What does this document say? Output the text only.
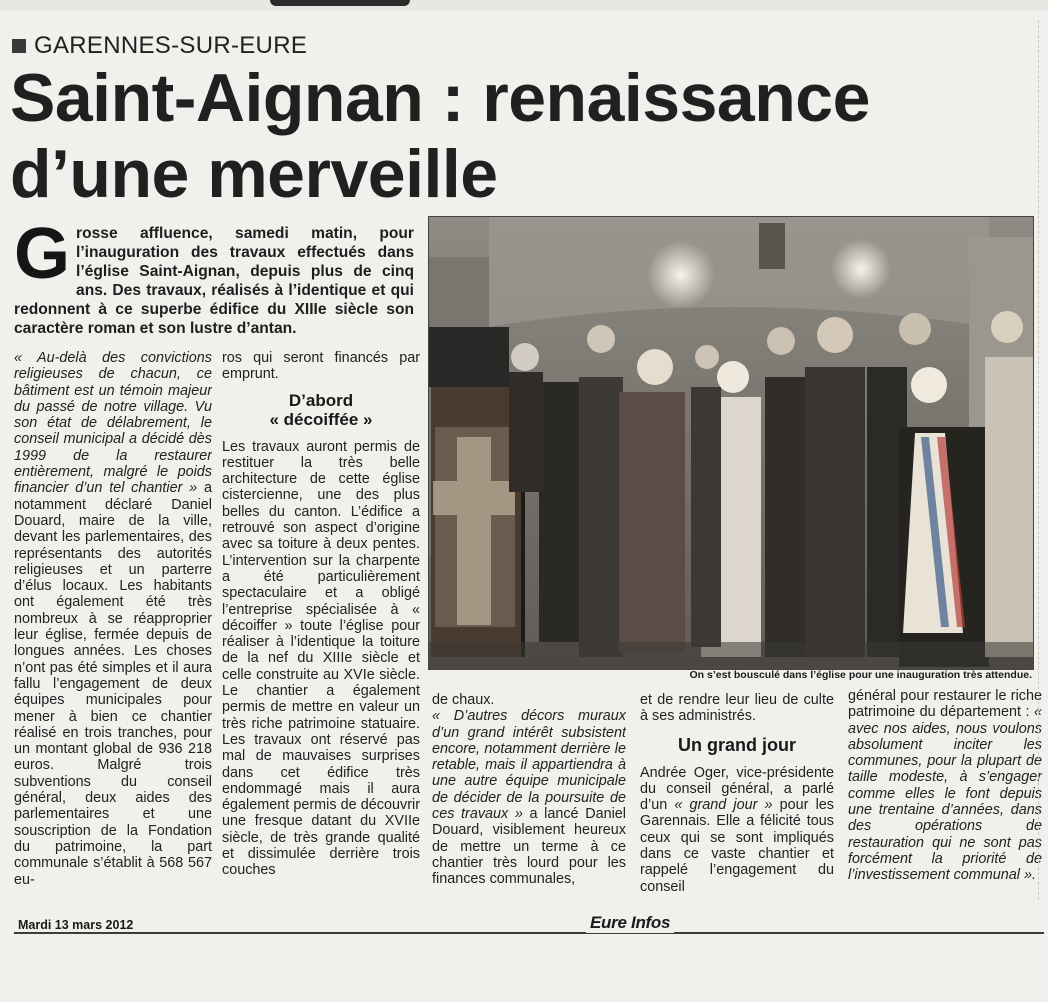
GARENNES-SUR-EURE
Saint-Aignan : renaissance
d’une merveille
Grosse affluence, samedi matin, pour l’inauguration des travaux effectués dans l’église Saint-Aignan, depuis plus de cinq ans. Des travaux, réalisés à l’identique et qui redonnent à ce superbe édifice du XIIIe siècle son caractère roman et son lustre d’antan.
On s’est bousculé dans l’église pour une inauguration très attendue.

« Au-delà des convictions religieuses de chacun, ce bâtiment est un témoin majeur du passé de notre village. Vu son état de délabrement, le conseil municipal a décidé dès 1999 de la restaurer entièrement, malgré le poids financier d’un tel chantier » a notamment déclaré Daniel Douard, maire de la ville, devant les parlementaires, des représentants des autorités religieuses et un parterre d’élus locaux. Les habitants ont également été très nombreux à se réapproprier leur église, fermée depuis de longues années. Les choses n’ont pas été simples et il aura fallu l’engagement de deux équipes municipales pour mener à bien ce chantier réalisé en trois tranches, pour un montant global de 936 218 euros. Malgré trois subventions du conseil général, deux aides des parlementaires et une souscription de la Fondation du patrimoine, la part communale s’établit à 568 567 eu-

ros qui seront financés par emprunt.

D’abord
« décoiffée »

Les travaux auront permis de restituer la très belle architecture de cette église cistercienne, une des plus belles du canton. L’édifice a retrouvé son aspect d’origine avec sa toiture à deux pentes. L’intervention sur la charpente a été particulièrement spectaculaire et a obligé l’entreprise spécialisée à « décoiffer » toute l’église pour réaliser à l’identique la toiture de la nef du XIIIe siècle et celle construite au XVIe siècle. Le chantier a également permis de mettre en valeur un très riche patrimoine statuaire. Les travaux ont réservé pas mal de mauvaises surprises dans cet édifice très endommagé mais il aura également permis de découvrir une fresque datant du XVIIe siècle, de très grande qualité et dissimulée derrière trois couches

de chaux.

« D’autres décors muraux d’un grand intérêt subsistent encore, notamment derrière le retable, mais il appartiendra à une autre équipe municipale de décider de la poursuite de ces travaux » a lancé Daniel Douard, visiblement heureux de mettre un terme à ce chantier très lourd pour les finances communales,

et de rendre leur lieu de culte à ses administrés.

Un grand jour

Andrée Oger, vice-présidente du conseil général, a parlé d’un « grand jour » pour les Garennais. Elle a félicité tous ceux qui se sont impliqués dans ce vaste chantier et rappelé l’engagement du conseil

général pour restaurer le riche patrimoine du département : « avec nos aides, nous voulons absolument inciter les communes, pour la plupart de taille modeste, à s’engager comme elles le font depuis une trentaine d’années, dans des opérations de restauration qui ne sont pas forcément la priorité de l’investissement communal ».

Mardi 13 mars 2012	Eure Infos
